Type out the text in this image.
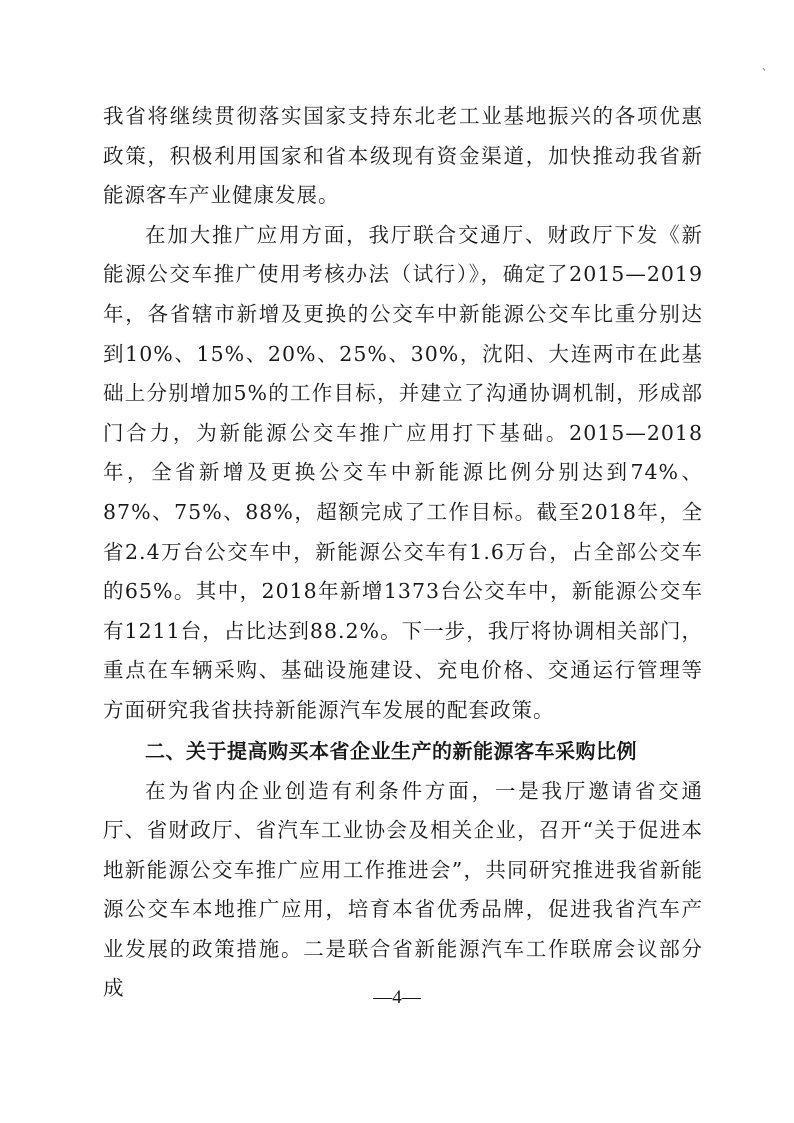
、

我省将继续贯彻落实国家支持东北老工业基地振兴的各项优惠政策，积极利用国家和省本级现有资金渠道，加快推动我省新能源客车产业健康发展。

在加大推广应用方面，我厅联合交通厅、财政厅下发《新能源公交车推广使用考核办法（试行）》，确定了2015—2019年，各省辖市新增及更换的公交车中新能源公交车比重分别达到10%、15%、20%、25%、30%，沈阳、大连两市在此基础上分别增加5%的工作目标，并建立了沟通协调机制，形成部门合力，为新能源公交车推广应用打下基础。2015—2018年，全省新增及更换公交车中新能源比例分别达到74%、87%、75%、88%，超额完成了工作目标。截至2018年，全省2.4万台公交车中，新能源公交车有1.6万台，占全部公交车的65%。其中，2018年新增1373台公交车中，新能源公交车有1211台，占比达到88.2%。下一步，我厅将协调相关部门，重点在车辆采购、基础设施建设、充电价格、交通运行管理等方面研究我省扶持新能源汽车发展的配套政策。

二、关于提高购买本省企业生产的新能源客车采购比例

在为省内企业创造有利条件方面，一是我厅邀请省交通厅、省财政厅、省汽车工业协会及相关企业，召开“关于促进本地新能源公交车推广应用工作推进会”，共同研究推进我省新能源公交车本地推广应用，培育本省优秀品牌，促进我省汽车产业发展的政策措施。二是联合省新能源汽车工作联席会议部分成	—4—
